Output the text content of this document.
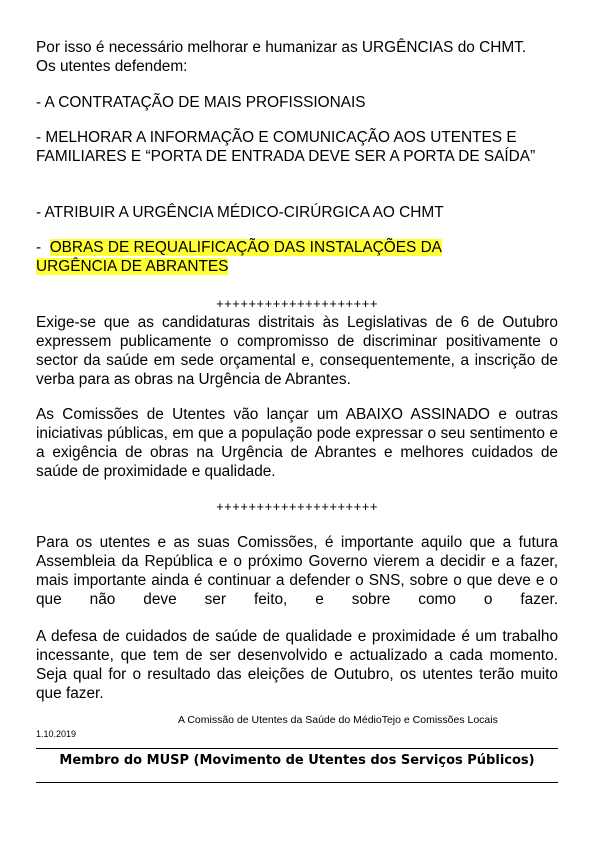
Por isso é necessário melhorar e humanizar as URGÊNCIAS do CHMT.

Os utentes defendem:

- A CONTRATAÇÃO DE MAIS PROFISSIONAIS

- MELHORAR A INFORMAÇÃO E COMUNICAÇÃO AOS UTENTES E FAMILIARES E “PORTA DE ENTRADA DEVE SER A PORTA DE SAÍDA”

- ATRIBUIR A URGÊNCIA MÉDICO-CIRÚRGICA AO CHMT

-  OBRAS DE REQUALIFICAÇÃO DAS INSTALAÇÕES DA URGÊNCIA DE ABRANTES

++++++++++++++++++++

Exige-se que as candidaturas distritais às Legislativas de 6 de Outubro expressem publicamente o compromisso de discriminar positivamente o sector da saúde em sede orçamental e, consequentemente, a inscrição de verba para as obras na Urgência de Abrantes.

As Comissões de Utentes vão lançar um ABAIXO ASSINADO e outras iniciativas públicas, em que a população pode expressar o seu sentimento e a exigência de obras na Urgência de Abrantes e melhores cuidados de saúde de proximidade e qualidade.

++++++++++++++++++++

Para os utentes e as suas Comissões, é importante aquilo que a futura Assembleia da República e o próximo Governo vierem a decidir e a fazer, mais importante ainda é continuar a defender o SNS, sobre o que deve e o que não deve ser feito, e sobre como o fazer.

A defesa de cuidados de saúde de qualidade e proximidade é um trabalho incessante, que tem de ser desenvolvido e actualizado a cada momento. Seja qual for o resultado das eleições de Outubro, os utentes terão muito que fazer.

A Comissão de Utentes da Saúde do MédioTejo e Comissões Locais
1.10.2019
Membro do MUSP (Movimento de Utentes dos Serviços Públicos)
